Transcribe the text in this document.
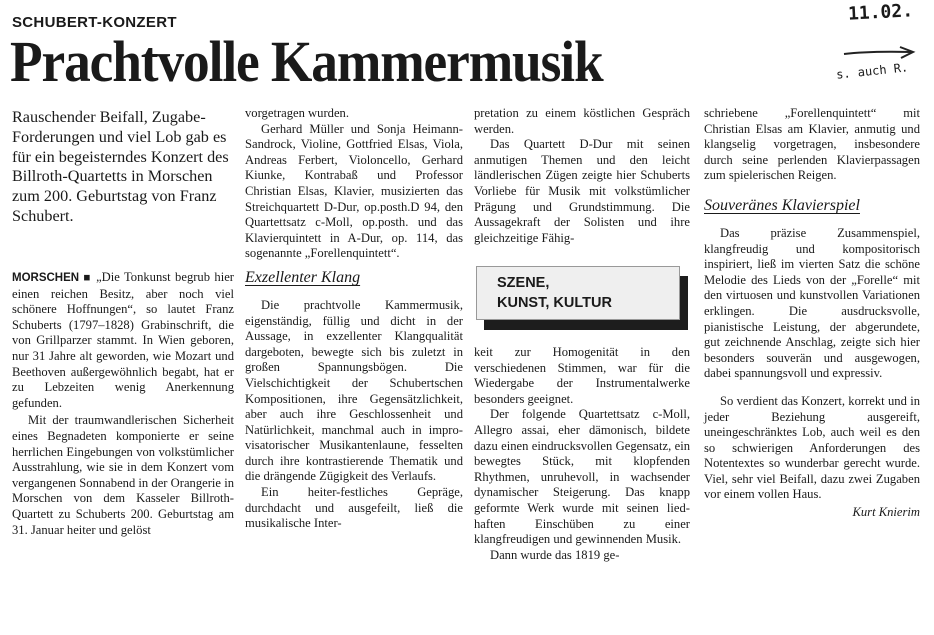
SCHUBERT-KONZERT
Prachtvolle Kammermusik
11.02.
s. auch R.
Rauschender Beifall, Zugabe-Forderungen und viel Lob gab es für ein begeisterndes Konzert des Billroth-Quartetts in Morschen zum 200. Geburtstag von Franz Schubert.

MORSCHEN ■ „Die Tonkunst begrub hier einen reichen Besitz, aber noch viel schönere Hoffnungen“, so lautet Franz Schuberts (1797–1828) Grabinschrift, die von Grillparzer stammt. In Wien geboren, nur 31 Jahre alt geworden, wie Mozart und Beethoven außergewöhnlich begabt, hat er zu Lebzeiten wenig Anerkennung gefunden.

Mit der traumwandlerischen Sicherheit eines Begnadeten komponierte er seine herrlichen Eingebungen von volkstümlicher Ausstrahlung, wie sie in dem Konzert vom vergangenen Sonnabend in der Orangerie in Morschen von dem Kasseler Billroth-Quartett zu Schuberts 200. Geburtstag am 31. Januar heiter und gelöst

vorgetragen wurden.

Gerhard Müller und Sonja Heimann-Sandrock, Violine, Gottfried Elsas, Viola, Andreas Ferbert, Violoncello, Gerhard Kiunke, Kontrabaß und Professor Christian Elsas, Klavier, musizierten das Streichquartett D-Dur, op.posth.D 94, den Quartettsatz c-Moll, op.posth. und das Klavierquintett in A-Dur, op. 114, das sogenannte „Forellenquintett“.

Exzellenter Klang

Die prachtvolle Kammermusik, eigenständig, füllig und dicht in der Aussage, in exzellenter Klangqualität dargeboten, bewegte sich bis zuletzt in großen Spannungsbögen. Die Vielschichtigkeit der Schubertschen Kompositionen, ihre Gegensätzlichkeit, aber auch ihre Geschlossenheit und Natürlichkeit, manchmal auch in improvisatorischer Musikantenlaune, fesselten durch ihre kontrastierende Thematik und die drängende Zügigkeit des Verlaufs.

Ein heiter-festliches Gepräge, durchdacht und ausgefeilt, ließ die musikalische Inter-

pretation zu einem köstlichen Gespräch werden.

Das Quartett D-Dur mit seinen anmutigen Themen und den leicht ländlerischen Zügen zeigte hier Schuberts Vorliebe für Musik mit volkstümlicher Prägung und Grundstimmung. Die Aussagekraft der Solisten und ihre gleichzeitige Fähig-

SZENE,
KUNST, KULTUR

keit zur Homogenität in den verschiedenen Stimmen, war für die Wiedergabe der Instrumentalwerke besonders geeignet.

Der folgende Quartettsatz c-Moll, Allegro assai, eher dämonisch, bildete dazu einen eindrucksvollen Gegensatz, ein bewegtes Stück, mit klopfenden Rhythmen, unruhevoll, in wachsender dynamischer Steigerung. Das knapp geformte Werk wurde mit seinen liedhaften Einschüben zu einer klangfreudigen und gewinnenden Musik.

Dann wurde das 1819 ge-

schriebene „Forellenquintett“ mit Christian Elsas am Klavier, anmutig und klangselig vorgetragen, insbesondere durch seine perlenden Klavierpassagen zum spielerischen Reigen.

Souveränes Klavierspiel

Das präzise Zusammenspiel, klangfreudig und kompositorisch inspiriert, ließ im vierten Satz die schöne Melodie des Lieds von der „Forelle“ mit den virtuosen und kunstvollen Variationen erklingen. Die ausdrucksvolle, pianistische Leistung, der abgerundete, gut zeichnende Anschlag, zeigte sich hier besonders souverän und ausgewogen, dabei spannungsvoll und expressiv.

So verdient das Konzert, korrekt und in jeder Beziehung ausgereift, uneingeschränktes Lob, auch weil es den so schwierigen Anforderungen des Notentextes so wunderbar gerecht wurde. Viel, sehr viel Beifall, dazu zwei Zugaben vor einem vollen Haus.

Kurt Knierim
